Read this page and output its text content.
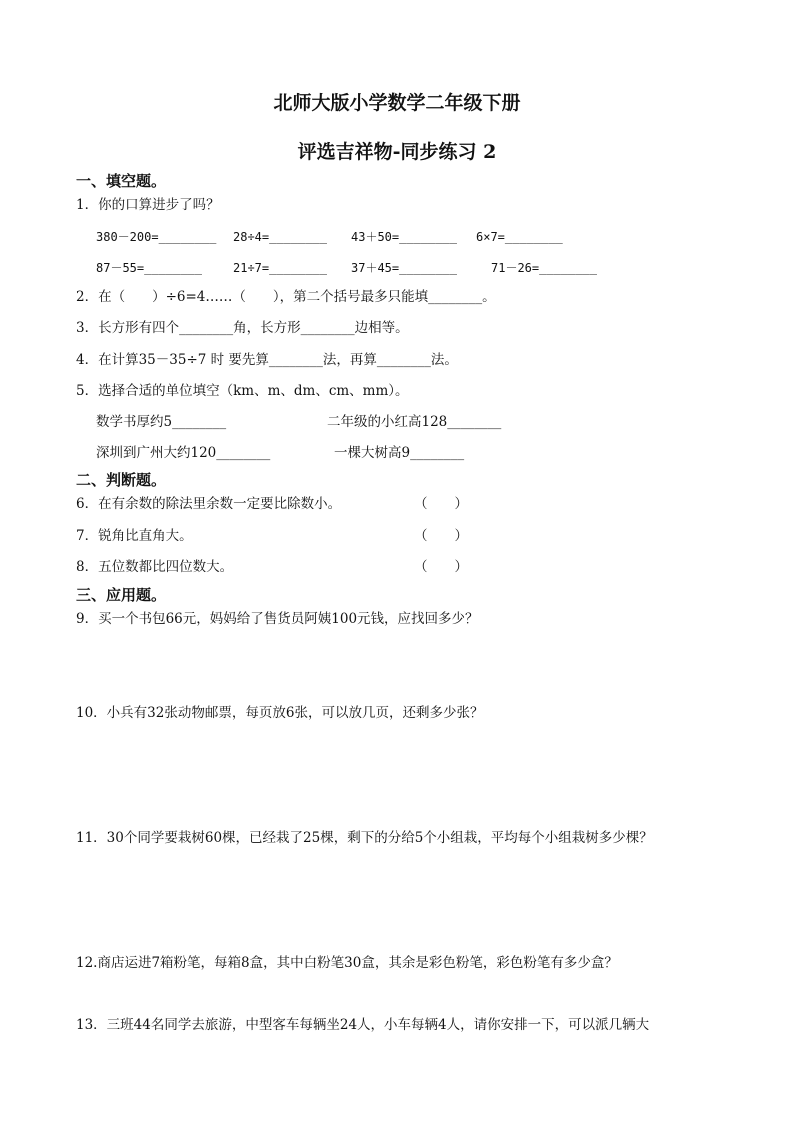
北师大版小学数学二年级下册
评选吉祥物-同步练习 2
一、填空题。
1．你的口算进步了吗？
380－200=________ 28÷4=________ 43＋50=________ 6×7=________
87－55=________	21÷7=________ 37＋45=________	71－26=________
2．在（　　）÷6=4……（　　），第二个括号最多只能填________。
3．长方形有四个________角，长方形________边相等。
4．在计算35－35÷7 时 要先算________法，再算________法。
5．选择合适的单位填空（km、m、dm、cm、mm）。
数学书厚约5________	二年级的小红高128________
深圳到广州大约120________	一棵大树高9________
二、判断题。
6．在有余数的除法里余数一定要比除数小。	（　　）
7．锐角比直角大。	（　　）
8．五位数都比四位数大。	（　　）
三、应用题。
9．买一个书包66元，妈妈给了售货员阿姨100元钱，应找回多少？
10．小兵有32张动物邮票，每页放6张，可以放几页，还剩多少张？
11．30个同学要栽树60棵，已经栽了25棵，剩下的分给5个小组栽，平均每个小组栽树多少棵？
12.商店运进7箱粉笔，每箱8盒，其中白粉笔30盒，其余是彩色粉笔，彩色粉笔有多少盒？
13．三班44名同学去旅游，中型客车每辆坐24人，小车每辆4人，请你安排一下，可以派几辆大
